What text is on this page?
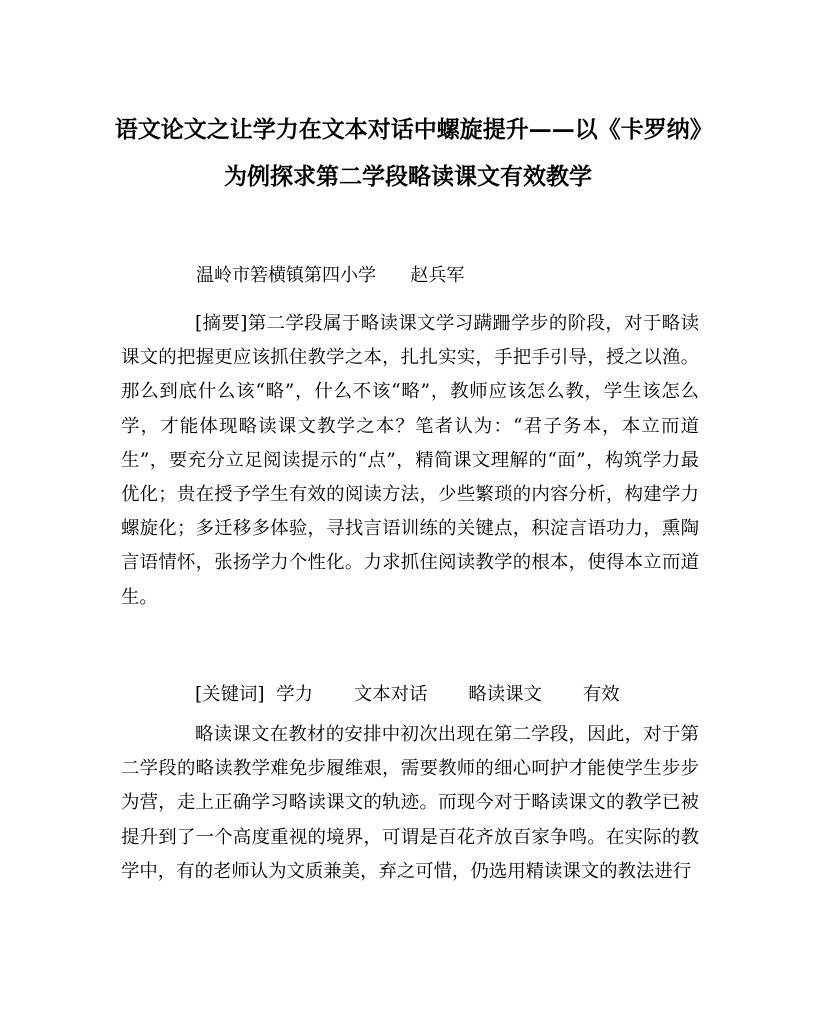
语文论文之让学力在文本对话中螺旋提升——以《卡罗纳》为例探求第二学段略读课文有效教学

温岭市箬横镇第四小学      赵兵军

[摘要]第二学段属于略读课文学习蹒跚学步的阶段，对于略读课文的把握更应该抓住教学之本，扎扎实实，手把手引导，授之以渔。那么到底什么该“略”，什么不该“略”，教师应该怎么教，学生该怎么学，才能体现略读课文教学之本？笔者认为：“君子务本，本立而道生”，要充分立足阅读提示的“点”，精简课文理解的“面”，构筑学力最优化；贵在授予学生有效的阅读方法，少些繁琐的内容分析，构建学力螺旋化；多迁移多体验，寻找言语训练的关键点，积淀言语功力，熏陶言语情怀，张扬学力个性化。力求抓住阅读教学的根本，使得本立而道生。

[关键词]  学力       文本对话       略读课文       有效

略读课文在教材的安排中初次出现在第二学段，因此，对于第二学段的略读教学难免步履维艰，需要教师的细心呵护才能使学生步步为营，走上正确学习略读课文的轨迹。而现今对于略读课文的教学已被提升到了一个高度重视的境界，可谓是百花齐放百家争鸣。在实际的教学中，有的老师认为文质兼美，弃之可惜，仍选用精读课文的教法进行
